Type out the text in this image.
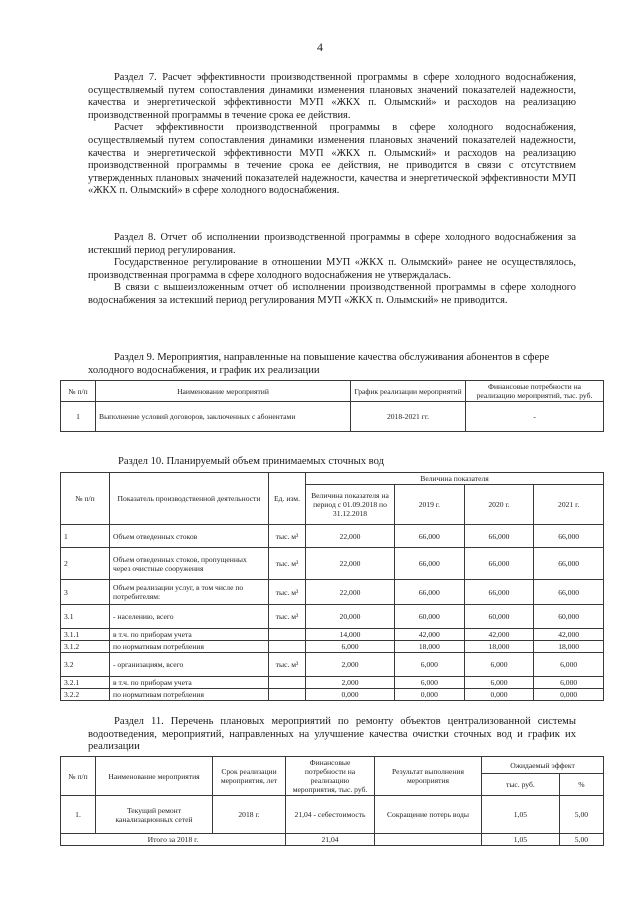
4

Раздел 7. Расчет эффективности производственной программы в сфере холодного водоснабжения, осуществляемый путем сопоставления динамики изменения плановых значений показателей надежности, качества и энергетической эффективности МУП «ЖКХ п. Олымский» и расходов на реализацию производственной программы в течение срока ее действия.

Расчет эффективности производственной программы в сфере холодного водоснабжения, осуществляемый путем сопоставления динамики изменения плановых значений показателей надежности, качества и энергетической эффективности МУП «ЖКХ п. Олымский» и расходов на реализацию производственной программы в течение срока ее действия, не приводится в связи с отсутствием утвержденных плановых значений показателей надежности, качества и энергетической эффективности МУП «ЖКХ п. Олымский» в сфере холодного водоснабжения.

Раздел 8. Отчет об исполнении производственной программы в сфере холодного водоснабжения за истекший период регулирования.

Государственное регулирование в отношении МУП «ЖКХ п. Олымский» ранее не осуществлялось, производственная программа в сфере холодного водоснабжения не утверждалась.

В связи с вышеизложенным отчет об исполнении производственной программы в сфере холодного водоснабжения за истекший период регулирования МУП «ЖКХ п. Олымский» не приводится.

Раздел 9. Мероприятия, направленные на повышение качества обслуживания абонентов в сфере холодного водоснабжения, и график их реализации
№ п/п	Наименование мероприятий	График реализации мероприятий	Финансовые потребности на реализацию мероприятий, тыс. руб.
1	Выполнение условий договоров, заключенных с абонентами	2018-2021 гг.	-
Раздел 10. Планируемый объем принимаемых сточных вод
№ п/п	Показатель производственной деятельности	Ед. изм.	Величина показателя			
			Величина показателя на период с 01.09.2018 по 31.12.2018	2019 г.	2020 г.	2021 г.
1	Объем отведенных стоков	тыс. м³	22,000	66,000	66,000	66,000
2	Объем отведенных стоков, пропущенных через очистные сооружения	тыс. м³	22,000	66,000	66,000	66,000
3	Объем реализации услуг, в том числе по потребителям:	тыс. м³	22,000	66,000	66,000	66,000
3.1	- населению, всего	тыс. м³	20,000	60,000	60,000	60,000
3.1.1	в т.ч. по приборам учета		14,000	42,000	42,000	42,000
3.1.2	по нормативам потребления		6,000	18,000	18,000	18,000
3.2	- организациям, всего	тыс. м³	2,000	6,000	6,000	6,000
3.2.1	в т.ч. по приборам учета		2,000	6,000	6,000	6,000
3.2.2	по нормативам потребления		0,000	0,000	0,000	0,000
Раздел 11. Перечень плановых мероприятий по ремонту объектов централизованной системы водоотведения, мероприятий, направленных на улучшение качества очистки сточных вод и график их реализации
№ п/п	Наименование мероприятия	Срок реализации мероприятия, лет	Финансовые потребности на реализацию мероприятия, тыс. руб.	Результат выполнения мероприятия	Ожидаемый эффект	
					тыс. руб.	%
1.	Текущий ремонт канализационных сетей	2018 г.	21,04 - себестоимость	Сокращение потерь воды	1,05	5,00
Итого за 2018 г.			21,04		1,05	5,00
